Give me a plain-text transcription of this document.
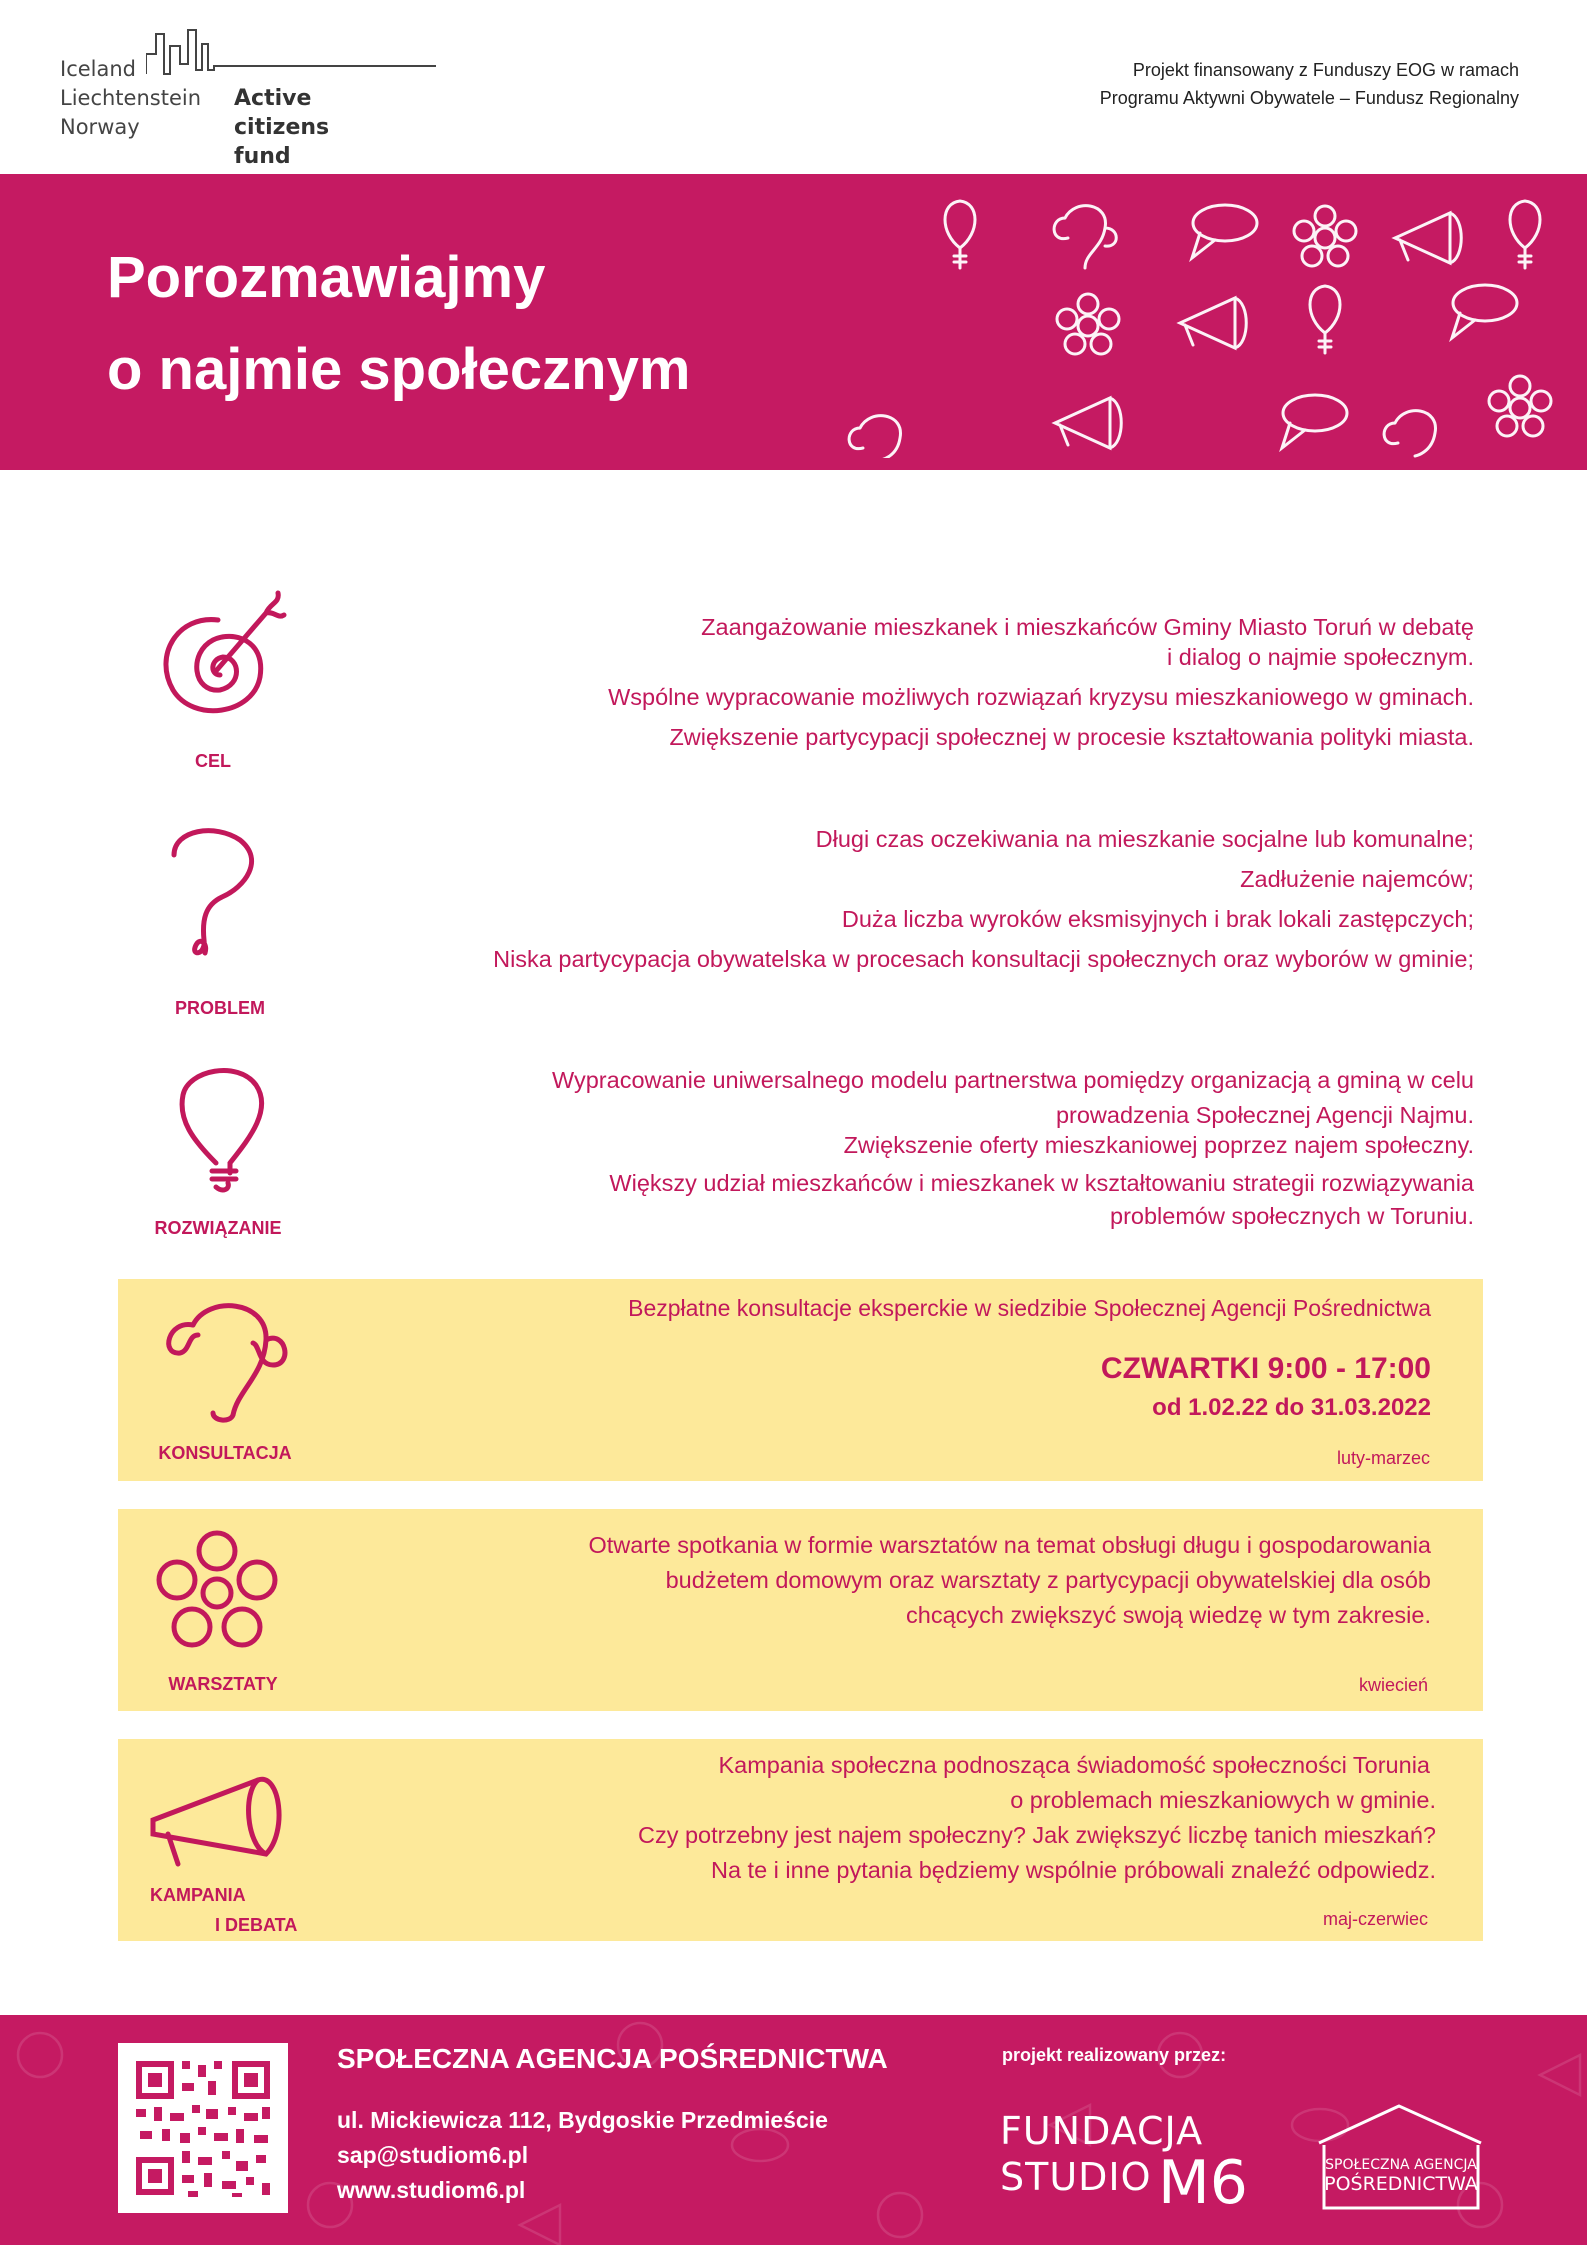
Iceland
Liechtenstein
Norway
Active
citizens fund
Projekt finansowany z Funduszy EOG w ramach
Programu Aktywni Obywatele – Fundusz Regionalny
Porozmawiajmy
o najmie społecznym
CEL

Zaangażowanie mieszkanek i mieszkańców Gminy Miasto Toruń w debatę

i dialog o najmie społecznym.

Wspólne wypracowanie możliwych rozwiązań kryzysu mieszkaniowego w gminach.

Zwiększenie partycypacji społecznej w procesie kształtowania polityki miasta.

PROBLEM

Długi czas oczekiwania na mieszkanie socjalne lub komunalne;

Zadłużenie najemców;

Duża liczba wyroków eksmisyjnych i brak lokali zastępczych;

Niska partycypacja obywatelska w procesach konsultacji społecznych oraz wyborów w gminie;

ROZWIĄZANIE

Wypracowanie uniwersalnego modelu partnerstwa pomiędzy organizacją a gminą w celu

prowadzenia Społecznej Agencji Najmu.

Zwiększenie oferty mieszkaniowej poprzez najem społeczny.

Większy udział mieszkańców i mieszkanek w kształtowaniu strategii rozwiązywania

problemów społecznych w Toruniu.

KONSULTACJA
Bezpłatne konsultacje eksperckie w siedzibie Społecznej Agencji Pośrednictwa
CZWARTKI 9:00 - 17:00
od 1.02.22 do 31.03.2022
luty-marzec
WARSZTATY

Otwarte spotkania w formie warsztatów na temat obsługi długu i gospodarowania

budżetem domowym oraz warsztaty z partycypacji obywatelskiej dla osób

chcących zwiększyć swoją wiedzę w tym zakresie.

kwiecień
KAMPANIA
I DEBATA

Kampania społeczna podnosząca świadomość społeczności Torunia

o problemach mieszkaniowych w gminie.

Czy potrzebny jest najem społeczny? Jak zwiększyć liczbę tanich mieszkań?

Na te i inne pytania będziemy wspólnie próbowali znaleźć odpowiedz.

maj-czerwiec
SPOŁECZNA AGENCJA POŚREDNICTWA
ul. Mickiewicza 112, Bydgoskie Przedmieście
sap@studiom6.pl
www.studiom6.pl
projekt realizowany przez:
FUNDACJA
STUDIO M6	SPOŁECZNA AGENCJA
POŚREDNICTWA
